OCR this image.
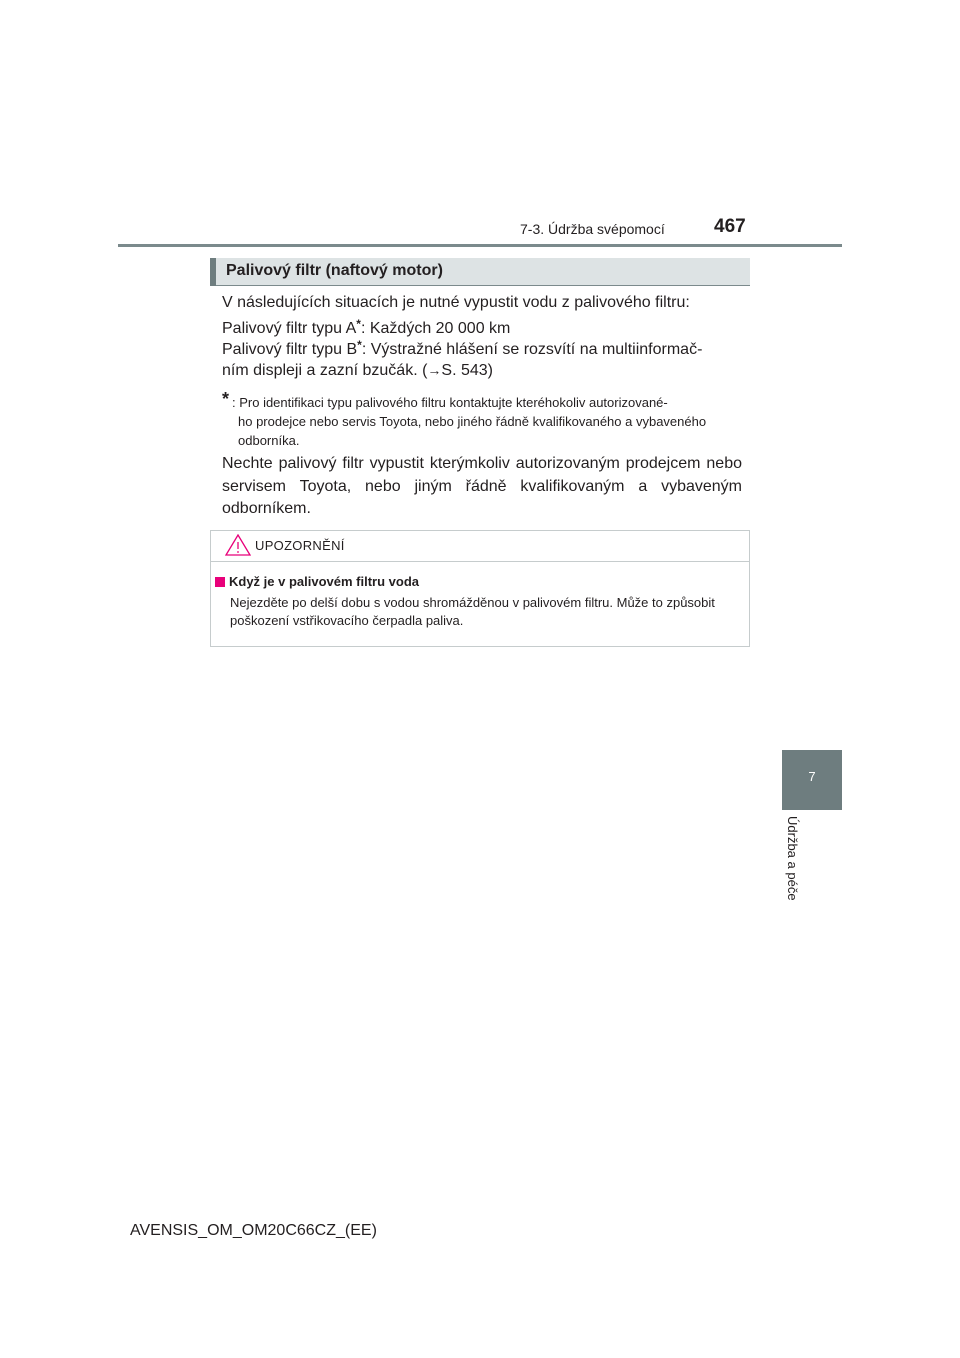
7-3. Údržba svépomocí	467
7
Údržba a péče
Palivový filtr (naftový motor)
V následujících situacích je nutné vypustit vodu z palivového filtru:
Palivový filtr typu A*: Každých 20 000 km
Palivový filtr typu B*: Výstražné hlášení se rozsvítí na multiinformač-
ním displeji a zazní bzučák. (→S. 543)
* : Pro identifikaci typu palivového filtru kontaktujte kteréhokoliv autorizované-
ho prodejce nebo servis Toyota, nebo jiného řádně kvalifikovaného a vybaveného odborníka.
Nechte palivový filtr vypustit kterýmkoliv autorizovaným prodejcem nebo servisem Toyota, nebo jiným řádně kvalifikovaným a vybaveným odborníkem.
UPOZORNĚNÍ
Když je v palivovém filtru voda
Nejezděte po delší dobu s vodou shromážděnou v palivovém filtru. Může to způsobit poškození vstřikovacího čerpadla paliva.
AVENSIS_OM_OM20C66CZ_(EE)
